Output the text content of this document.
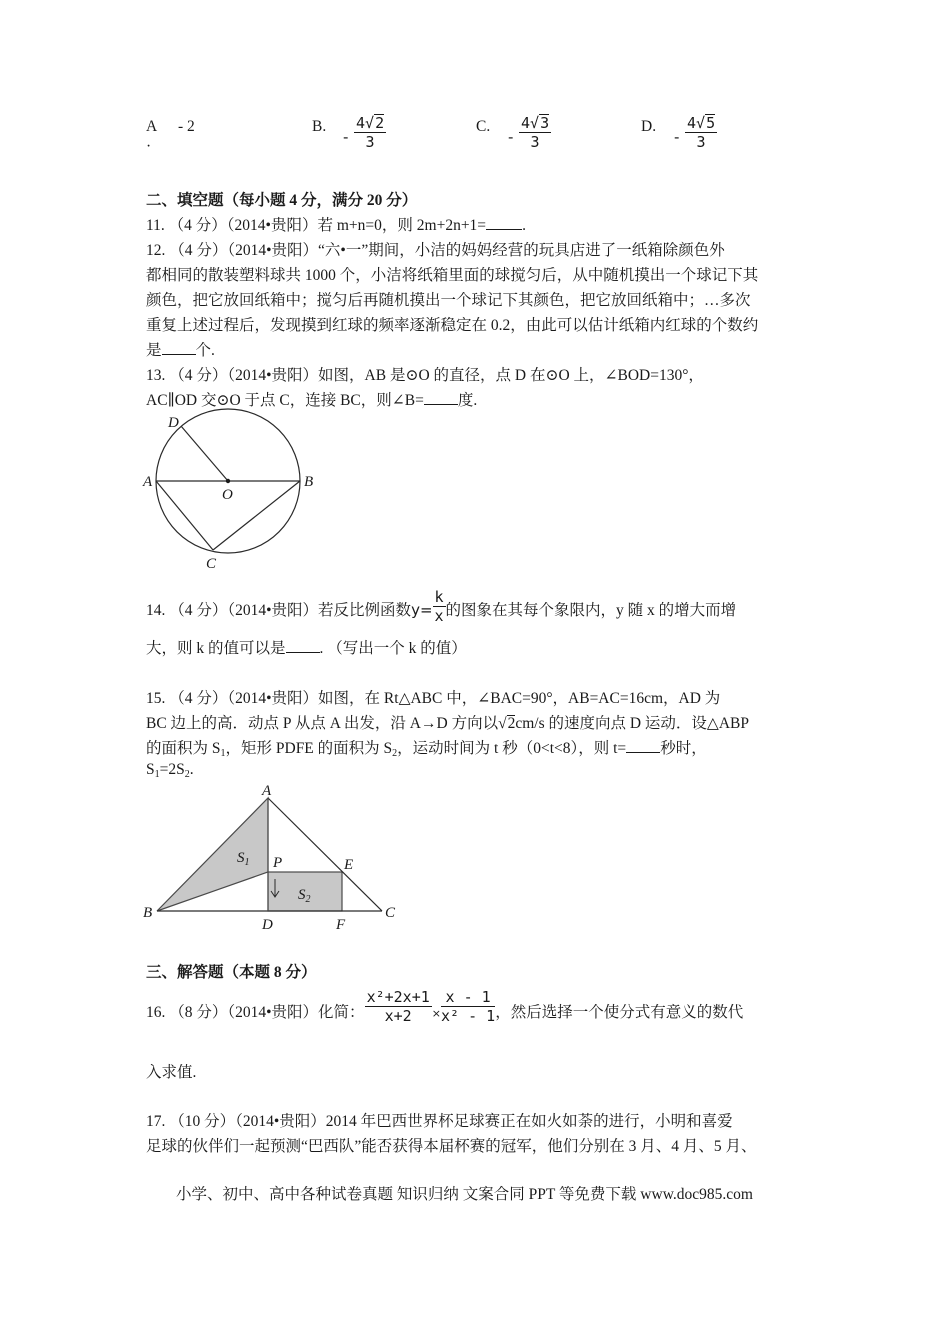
A
·
- 2	B.
- $\frac{4√2}{3}$	C.
- $\frac{4√3}{3}$	D.
- $\frac{4√5}{3}$
二、填空题（每小题 4 分，满分 20 分）
11. （4 分）（2014•贵阳）若 m+n=0，则 2m+2n+1= .
12. （4 分）（2014•贵阳）“六•一”期间，小洁的妈妈经营的玩具店进了一纸箱除颜色外
都相同的散装塑料球共 1000 个，小洁将纸箱里面的球搅匀后，从中随机摸出一个球记下其
颜色，把它放回纸箱中；搅匀后再随机摸出一个球记下其颜色，把它放回纸箱中；…多次
重复上述过程后，发现摸到红球的频率逐渐稳定在 0.2，由此可以估计纸箱内红球的个数约
是 个.
13. （4 分）（2014•贵阳）如图，AB 是⊙O 的直径，点 D 在⊙O 上，∠BOD=130°，
AC∥OD 交⊙O 于点 C，连接 BC，则∠B= 度.
D
A
O
B
C
14. （4 分）（2014•贵阳）若反比例函数$y= \frac{k}{x}$ 的图象在其每个象限内，y 随 x 的增大而增
大，则 k 的值可以是 . （写出一个 k 的值）
15. （4 分）（2014•贵阳）如图，在 Rt△ABC 中，∠BAC=90°，AB=AC=16cm，AD 为
BC 边上的高．动点 P 从点 A 出发，沿 A→D 方向以√2cm/s 的速度向点 D 运动．设△ABP
的面积为 $S_1$，矩形 PDFE 的面积为 $S_2$，运动时间为 t 秒（0<t<8），则 t= 秒时，
$S_1=2S_2$.
A
B	C
D	F
E
P
$S_1$
$S_2$
三、解答题（本题 8 分）
16. （8 分）（2014•贵阳）化简： $\frac{\text{x²+2x+1}}{x+2} \times \frac{x - 1}{\text{x² - 1}}$ ，然后选择一个使分式有意义的数代
入求值.
17. （10 分）（2014•贵阳）2014 年巴西世界杯足球赛正在如火如荼的进行，小明和喜爱
足球的伙伴们一起预测“巴西队”能否获得本届杯赛的冠军，他们分别在 3 月、4 月、5 月、
小学、初中、高中各种试卷真题 知识归纳 文案合同 PPT 等免费下载 www.doc985.com
